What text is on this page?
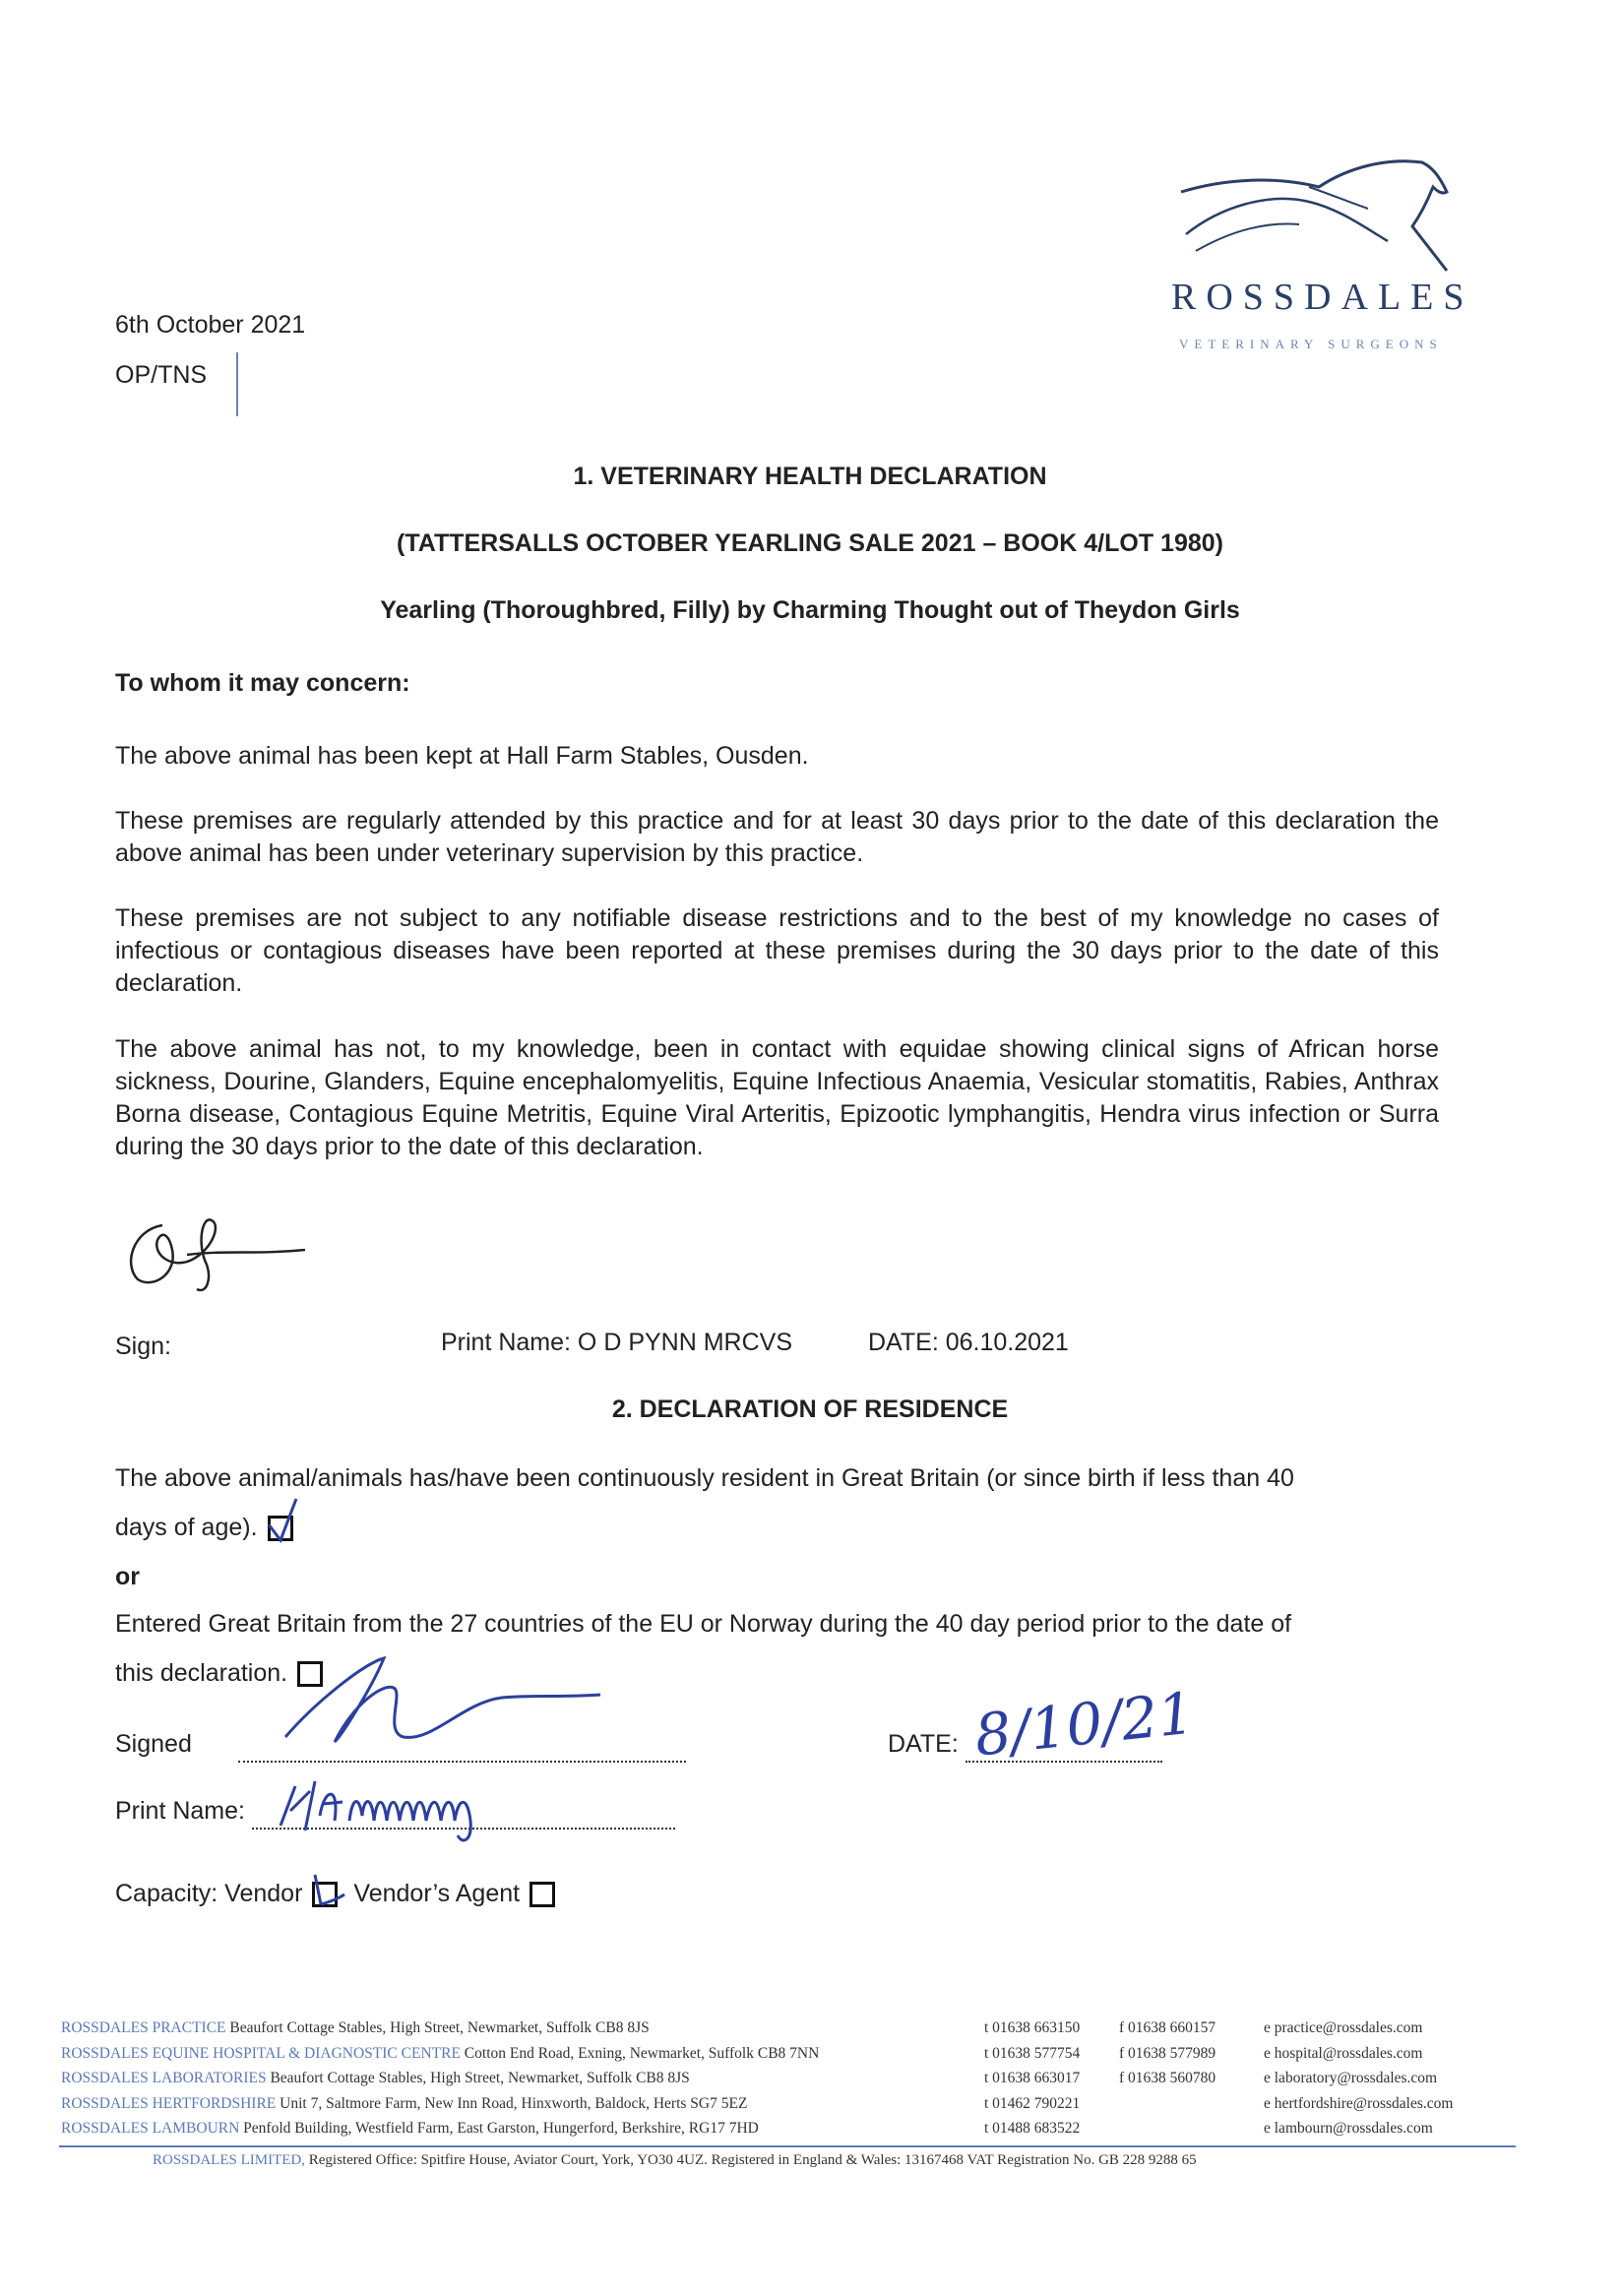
ROSSDALES
VETERINARY SURGEONS
6th October 2021
OP/TNS
1. VETERINARY HEALTH DECLARATION
(TATTERSALLS OCTOBER YEARLING SALE 2021 – BOOK 4/LOT 1980)
Yearling (Thoroughbred, Filly) by Charming Thought out of Theydon Girls
To whom it may concern:
The above animal has been kept at Hall Farm Stables, Ousden.
These premises are regularly attended by this practice and for at least 30 days prior to the date of this declaration the above animal has been under veterinary supervision by this practice.
These premises are not subject to any notifiable disease restrictions and to the best of my knowledge no cases of infectious or contagious diseases have been reported at these premises during the 30 days prior to the date of this declaration.
The above animal has not, to my knowledge, been in contact with equidae showing clinical signs of African horse sickness, Dourine, Glanders, Equine encephalomyelitis, Equine Infectious Anaemia, Vesicular stomatitis, Rabies, Anthrax Borna disease, Contagious Equine Metritis, Equine Viral Arteritis, Epizootic lymphangitis, Hendra virus infection or Surra during the 30 days prior to the date of this declaration.
Sign:	Print Name: O D PYNN MRCVS	DATE: 06.10.2021
2. DECLARATION OF RESIDENCE
The above animal/animals has/have been continuously resident in Great Britain (or since birth if less than 40
days of age).
or
Entered Great Britain from the 27 countries of the EU or Norway during the 40 day period prior to the date of
this declaration.
Signed	DATE: 8/10/21
Print Name:
Capacity: Vendor Vendor’s Agent
ROSSDALES PRACTICE Beaufort Cottage Stables, High Street, Newmarket, Suffolk CB8 8JS	t 01638 663150	f 01638 660157	e practice@rossdales.com
ROSSDALES EQUINE HOSPITAL & DIAGNOSTIC CENTRE Cotton End Road, Exning, Newmarket, Suffolk CB8 7NN	t 01638 577754	f 01638 577989	e hospital@rossdales.com
ROSSDALES LABORATORIES Beaufort Cottage Stables, High Street, Newmarket, Suffolk CB8 8JS	t 01638 663017	f 01638 560780	e laboratory@rossdales.com
ROSSDALES HERTFORDSHIRE Unit 7, Saltmore Farm, New Inn Road, Hinxworth, Baldock, Herts SG7 5EZ	t 01462 790221	e hertfordshire@rossdales.com
ROSSDALES LAMBOURN Penfold Building, Westfield Farm, East Garston, Hungerford, Berkshire, RG17 7HD	t 01488 683522	e lambourn@rossdales.com
ROSSDALES LIMITED, Registered Office: Spitfire House, Aviator Court, York, YO30 4UZ. Registered in England & Wales: 13167468 VAT Registration No. GB 228 9288 65
